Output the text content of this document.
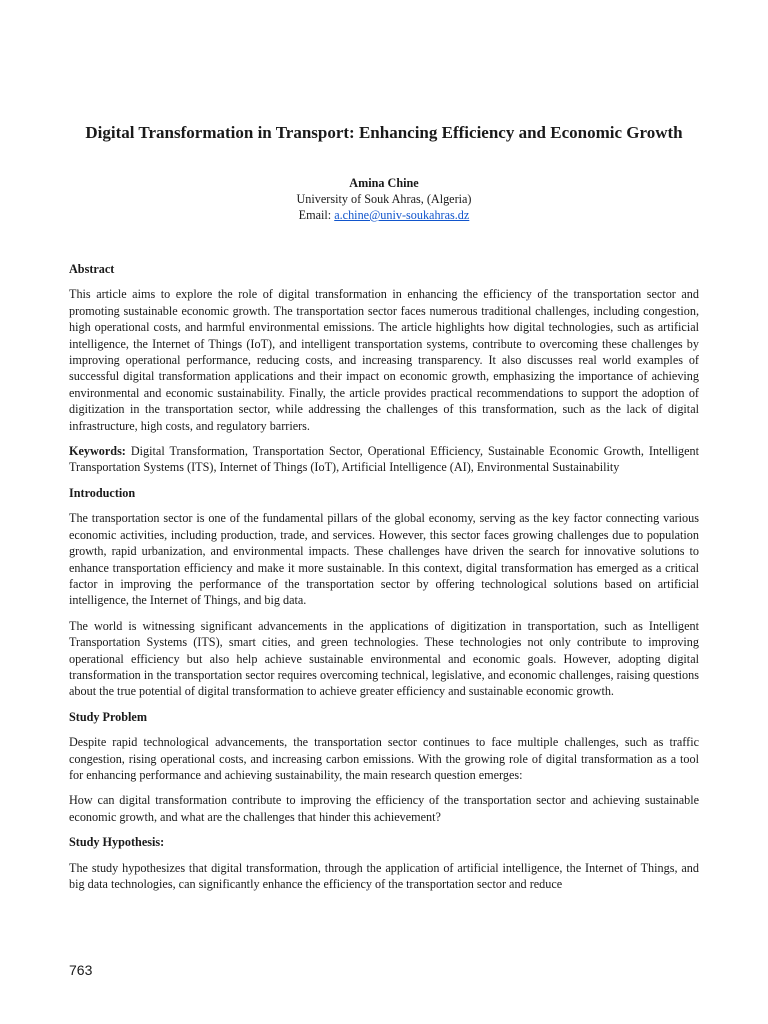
Digital Transformation in Transport: Enhancing Efficiency and Economic Growth
Amina Chine
University of Souk Ahras, (Algeria)
Email: a.chine@univ-soukahras.dz
Abstract
This article aims to explore the role of digital transformation in enhancing the efficiency of the transportation sector and promoting sustainable economic growth. The transportation sector faces numerous traditional challenges, including congestion, high operational costs, and harmful environmental emissions. The article highlights how digital technologies, such as artificial intelligence, the Internet of Things (IoT), and intelligent transportation systems, contribute to overcoming these challenges by improving operational performance, reducing costs, and increasing transparency. It also discusses real world examples of successful digital transformation applications and their impact on economic growth, emphasizing the importance of achieving environmental and economic sustainability. Finally, the article provides practical recommendations to support the adoption of digitization in the transportation sector, while addressing the challenges of this transformation, such as the lack of digital infrastructure, high costs, and regulatory barriers.
Keywords: Digital Transformation, Transportation Sector, Operational Efficiency, Sustainable Economic Growth, Intelligent Transportation Systems (ITS), Internet of Things (IoT), Artificial Intelligence (AI), Environmental Sustainability
Introduction
The transportation sector is one of the fundamental pillars of the global economy, serving as the key factor connecting various economic activities, including production, trade, and services. However, this sector faces growing challenges due to population growth, rapid urbanization, and environmental impacts. These challenges have driven the search for innovative solutions to enhance transportation efficiency and make it more sustainable. In this context, digital transformation has emerged as a critical factor in improving the performance of the transportation sector by offering technological solutions based on artificial intelligence, the Internet of Things, and big data.
The world is witnessing significant advancements in the applications of digitization in transportation, such as Intelligent Transportation Systems (ITS), smart cities, and green technologies. These technologies not only contribute to improving operational efficiency but also help achieve sustainable environmental and economic goals. However, adopting digital transformation in the transportation sector requires overcoming technical, legislative, and economic challenges, raising questions about the true potential of digital transformation to achieve greater efficiency and sustainable economic growth.
Study Problem
Despite rapid technological advancements, the transportation sector continues to face multiple challenges, such as traffic congestion, rising operational costs, and increasing carbon emissions. With the growing role of digital transformation as a tool for enhancing performance and achieving sustainability, the main research question emerges:
How can digital transformation contribute to improving the efficiency of the transportation sector and achieving sustainable economic growth, and what are the challenges that hinder this achievement?
Study Hypothesis:
The study hypothesizes that digital transformation, through the application of artificial intelligence, the Internet of Things, and big data technologies, can significantly enhance the efficiency of the transportation sector and reduce
763
